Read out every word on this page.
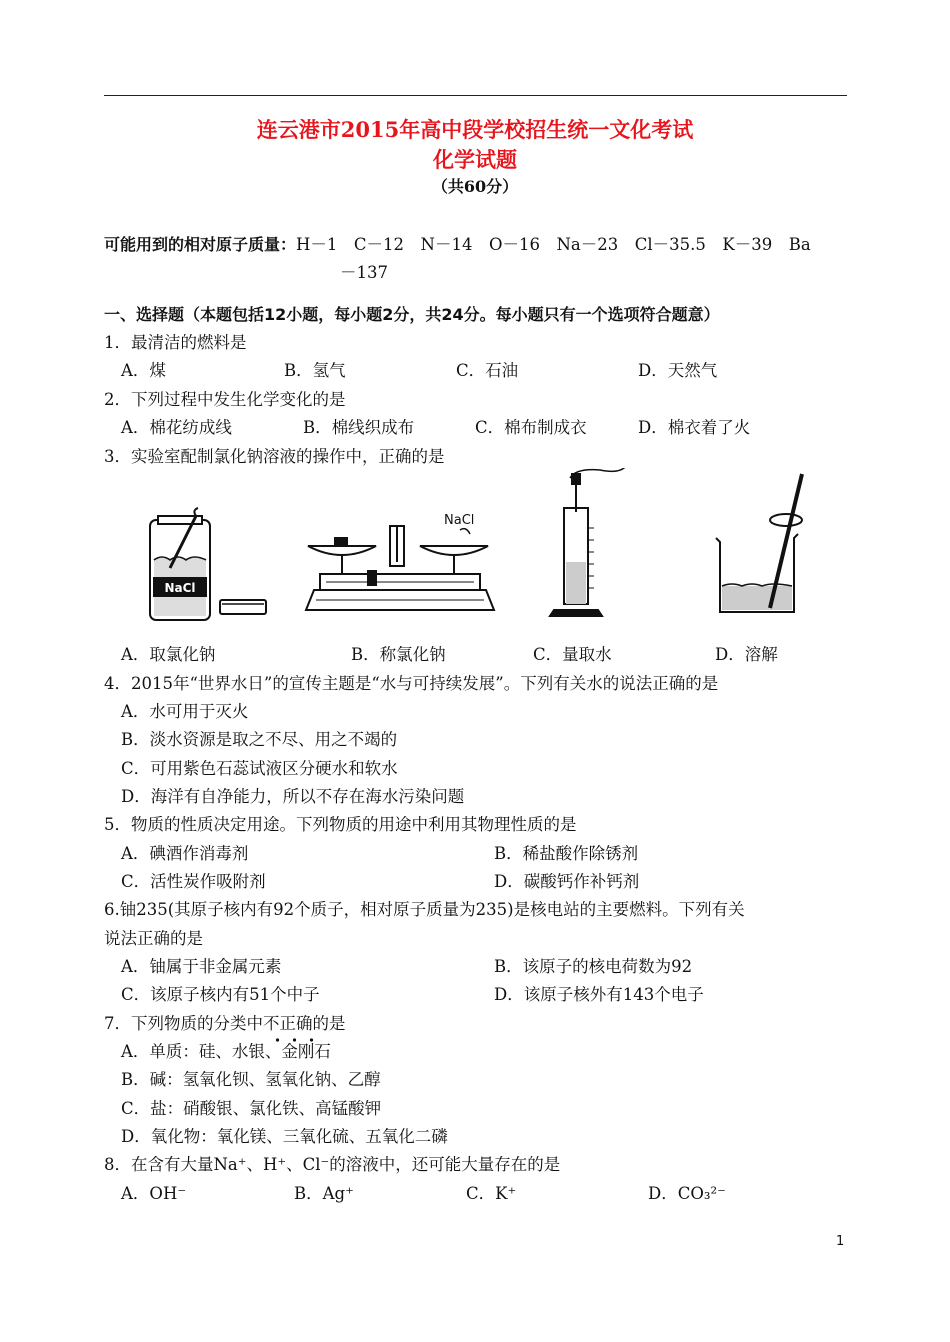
连云港市2015年高中段学校招生统一文化考试
化学试题
（共60分）
可能用到的相对原子质量：H－1　C－12　N－14　O－16　Na－23　Cl－35.5　K－39　Ba
－137
一、选择题（本题包括12小题，每小题2分，共24分。每小题只有一个选项符合题意）
1．最清洁的燃料是
A．煤	B．氢气	C．石油	D．天然气
2．下列过程中发生化学变化的是
A．棉花纺成线	B．棉线织成布	C．棉布制成衣	D．棉衣着了火
3．实验室配制氯化钠溶液的操作中，正确的是
NaCl
NaCl
A．取氯化钠	B．称氯化钠	C．量取水	D．溶解
4．2015年“世界水日”的宣传主题是“水与可持续发展”。下列有关水的说法正确的是
A．水可用于灭火
B．淡水资源是取之不尽、用之不竭的
C．可用紫色石蕊试液区分硬水和软水
D．海洋有自净能力，所以不存在海水污染问题
5．物质的性质决定用途。下列物质的用途中利用其物理性质的是
A．碘酒作消毒剂	B．稀盐酸作除锈剂
C．活性炭作吸附剂	D．碳酸钙作补钙剂
6.铀235(其原子核内有92个质子，相对原子质量为235)是核电站的主要燃料。下列有关
说法正确的是
A．铀属于非金属元素	B．该原子的核电荷数为92
C．该原子核内有51个中子	D．该原子核外有143个电子
7．下列物质的分类中不正确的是
A．单质：硅、水银、金刚石
B．碱：氢氧化钡、氢氧化钠、乙醇
C．盐：硝酸银、氯化铁、高锰酸钾
D．氧化物：氧化镁、三氧化硫、五氧化二磷
8．在含有大量Na⁺、H⁺、Cl⁻的溶液中，还可能大量存在的是
A．OH⁻	B．Ag⁺	C．K⁺	D．CO₃²⁻
1
